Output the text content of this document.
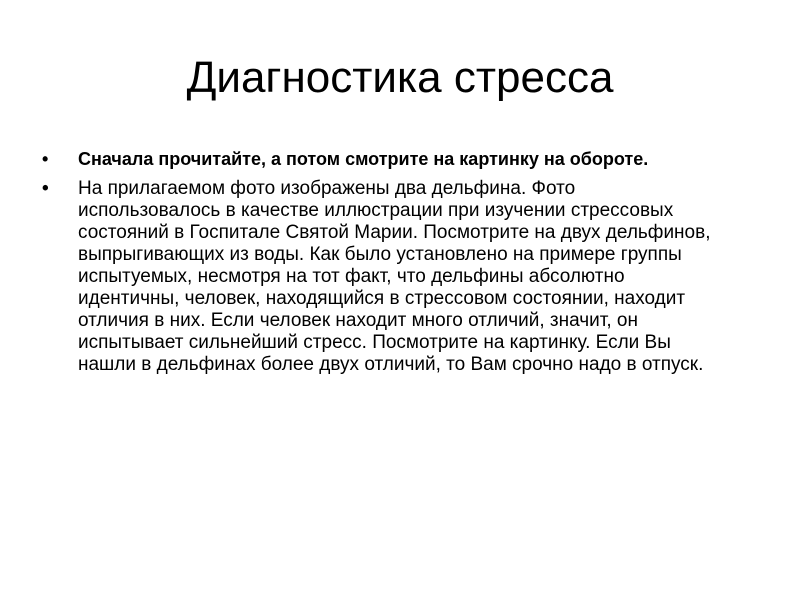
Диагностика стресса
•	Сначала прочитайте, а потом смотрите на картинку на обороте.
• На прилагаемом фото изображены два дельфина. Фото использовалось в качестве иллюстрации при изучении стрессовых состояний в Госпитале Святой Марии. Посмотрите на двух дельфинов, выпрыгивающих из воды. Как было установлено на примере группы испытуемых, несмотря на тот факт, что дельфины абсолютно идентичны, человек, находящийся в стрессовом состоянии, находит отличия в них. Если человек находит много отличий, значит, он испытывает сильнейший стресс. Посмотрите на картинку. Если Вы нашли в дельфинах более двух отличий, то Вам срочно надо в отпуск.
